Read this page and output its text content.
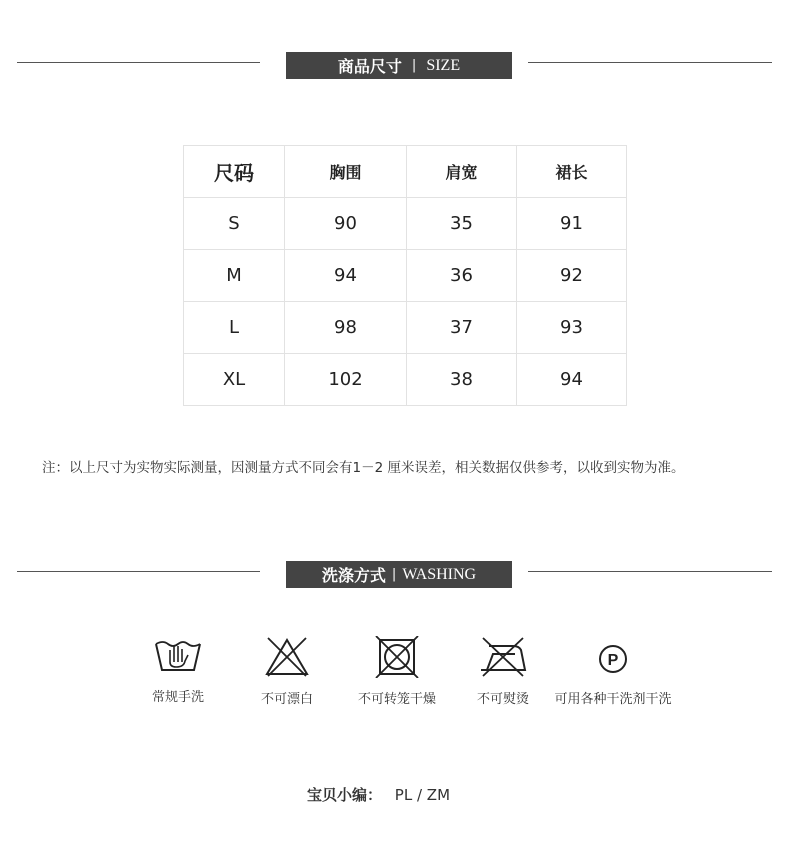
商品尺寸 | SIZE
尺码	胸围	肩宽	裙长
S	90	35	91
M	94	36	92
L	98	37	93
XL	102	38	94
注：以上尺寸为实物实际测量，因测量方式不同会有1－2 厘米误差，相关数据仅供参考，以收到实物为准。
洗涤方式 | WASHING
常规手洗	不可漂白	不可转笼干燥	不可熨烫
P
可用各种干洗剂干洗
宝贝小编： PL / ZM
